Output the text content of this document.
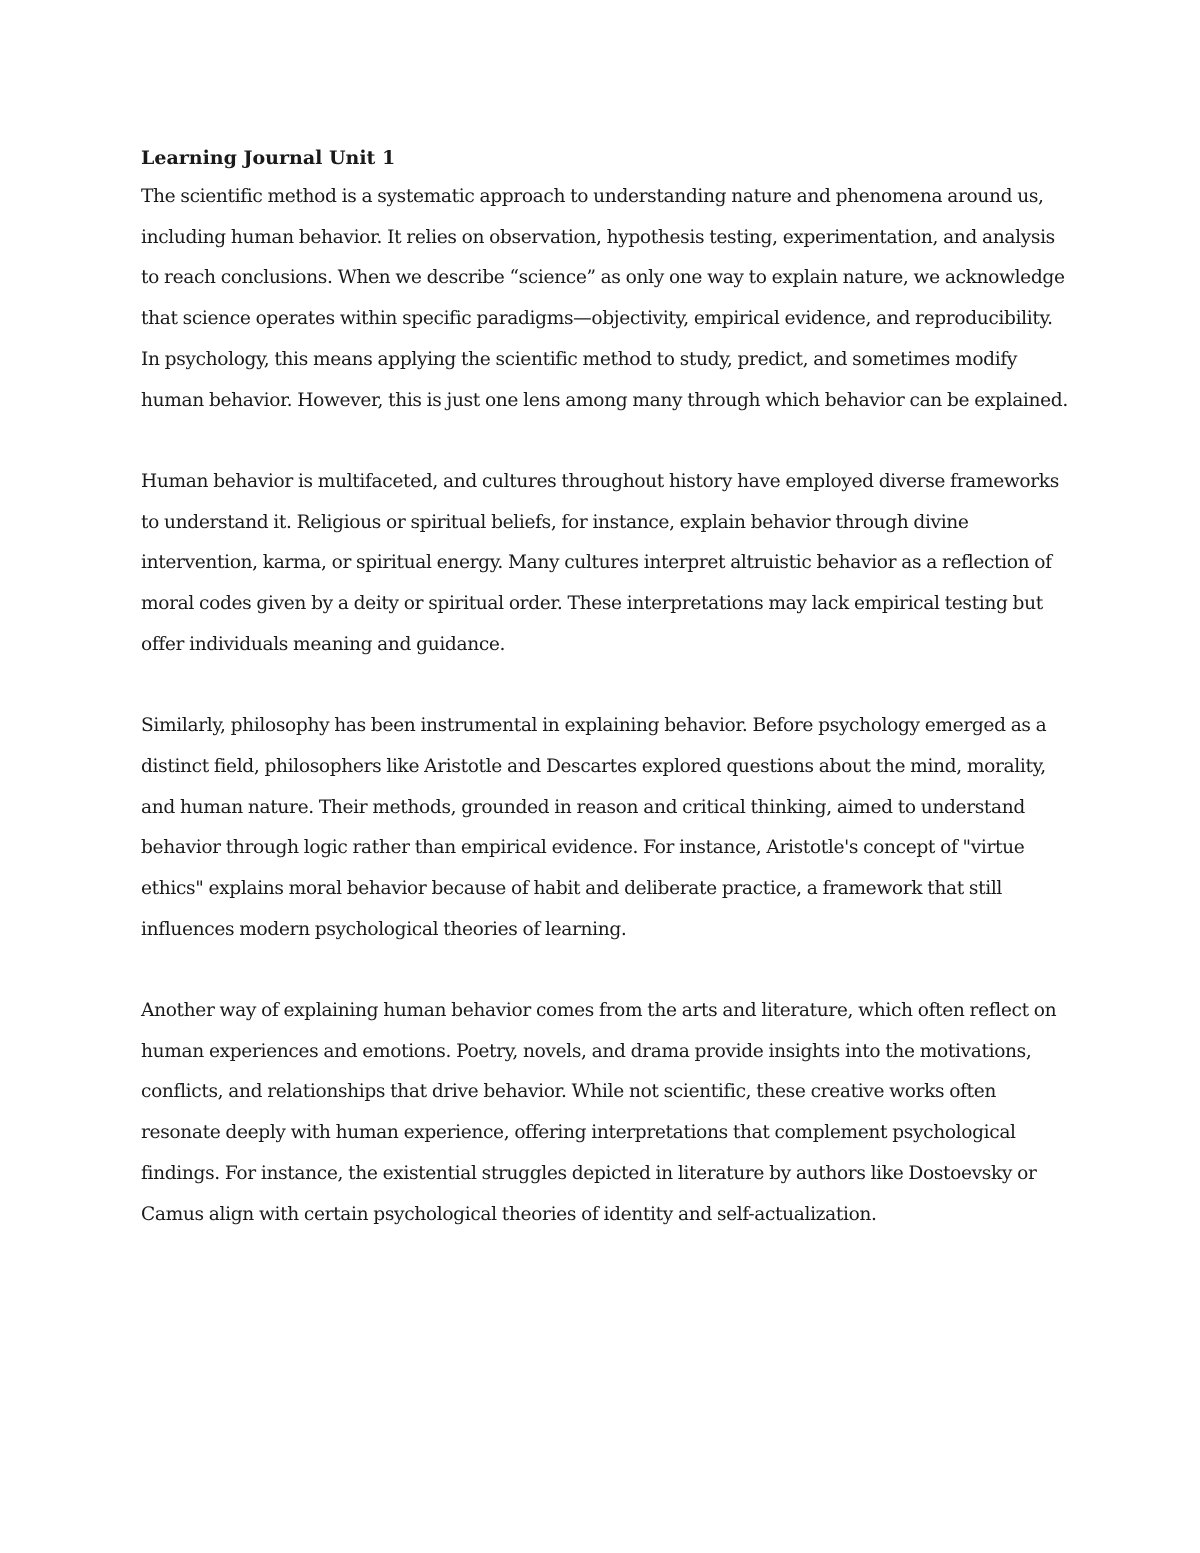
Learning Journal Unit 1

The scientific method is a systematic approach to understanding nature and phenomena around us, including human behavior. It relies on observation, hypothesis testing, experimentation, and analysis to reach conclusions. When we describe “science” as only one way to explain nature, we acknowledge that science operates within specific paradigms—objectivity, empirical evidence, and reproducibility. In psychology, this means applying the scientific method to study, predict, and sometimes modify human behavior. However, this is just one lens among many through which behavior can be explained.

Human behavior is multifaceted, and cultures throughout history have employed diverse frameworks to understand it. Religious or spiritual beliefs, for instance, explain behavior through divine intervention, karma, or spiritual energy. Many cultures interpret altruistic behavior as a reflection of moral codes given by a deity or spiritual order. These interpretations may lack empirical testing but offer individuals meaning and guidance.

Similarly, philosophy has been instrumental in explaining behavior. Before psychology emerged as a distinct field, philosophers like Aristotle and Descartes explored questions about the mind, morality, and human nature. Their methods, grounded in reason and critical thinking, aimed to understand behavior through logic rather than empirical evidence. For instance, Aristotle's concept of "virtue ethics" explains moral behavior because of habit and deliberate practice, a framework that still influences modern psychological theories of learning.

Another way of explaining human behavior comes from the arts and literature, which often reflect on human experiences and emotions. Poetry, novels, and drama provide insights into the motivations, conflicts, and relationships that drive behavior. While not scientific, these creative works often resonate deeply with human experience, offering interpretations that complement psychological findings. For instance, the existential struggles depicted in literature by authors like Dostoevsky or Camus align with certain psychological theories of identity and self-actualization.
